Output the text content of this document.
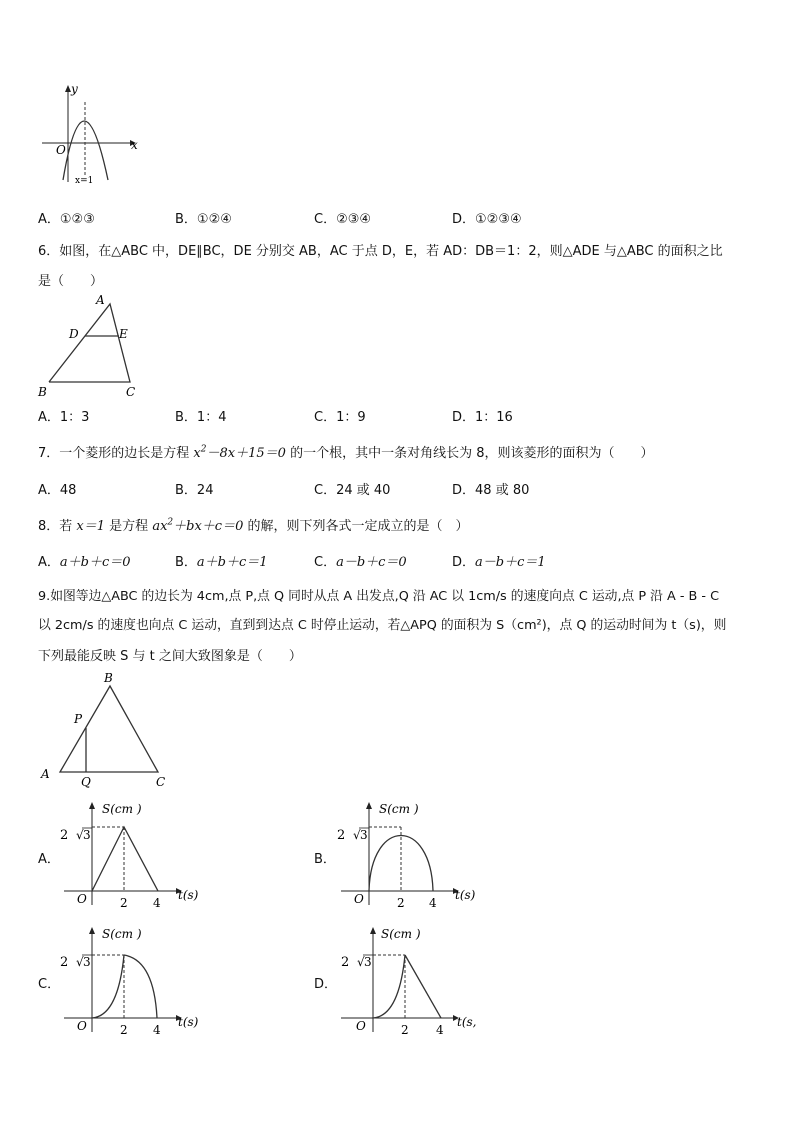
y
x
O
x=1
A．①②③	B．①②④	C．②③④	D．①②③④
6．如图，在△ABC 中，DE∥BC，DE 分别交 AB，AC 于点 D，E，若 AD：DB＝1：2，则△ADE 与△ABC 的面积之比
是（　　）
A
B	C
D	E
A．1：3	B．1：4	C．1：9	D．1：16
7．一个菱形的边长是方程 $x^2-8x+15=0$ 的一个根，其中一条对角线长为 8，则该菱形的面积为（　　）
A．48	B．24	C．24 或 40	D．48 或 80
8．若 x＝1 是方程 $ax^2+bx+c=0$ 的解，则下列各式一定成立的是（　）
A．a＋b＋c＝0	B．a＋b＋c＝1	C．a－b＋c＝0	D．a－b＋c＝1
9.如图等边△ABC 的边长为 4cm,点 P,点 Q 同时从点 A 出发点,Q 沿 AC 以 1cm/s 的速度向点 C 运动,点 P 沿 A - B - C
以 2cm/s 的速度也向点 C 运动，直到到达点 C 时停止运动，若△APQ 的面积为 S（cm²)，点 Q 的运动时间为 t（s)，则
下列最能反映 S 与 t 之间大致图象是（　　）
B
A
C
P
Q
A．
S(cm )
t(s)
2 √ 3
O	2 4
B．
S(cm )
t(s)
2 √ 3
O	2 4
C．
S(cm )
t(s)
2 √ 3
O	2 4
D．
S(cm )
t(s,
2 √ 3
O	2 4
